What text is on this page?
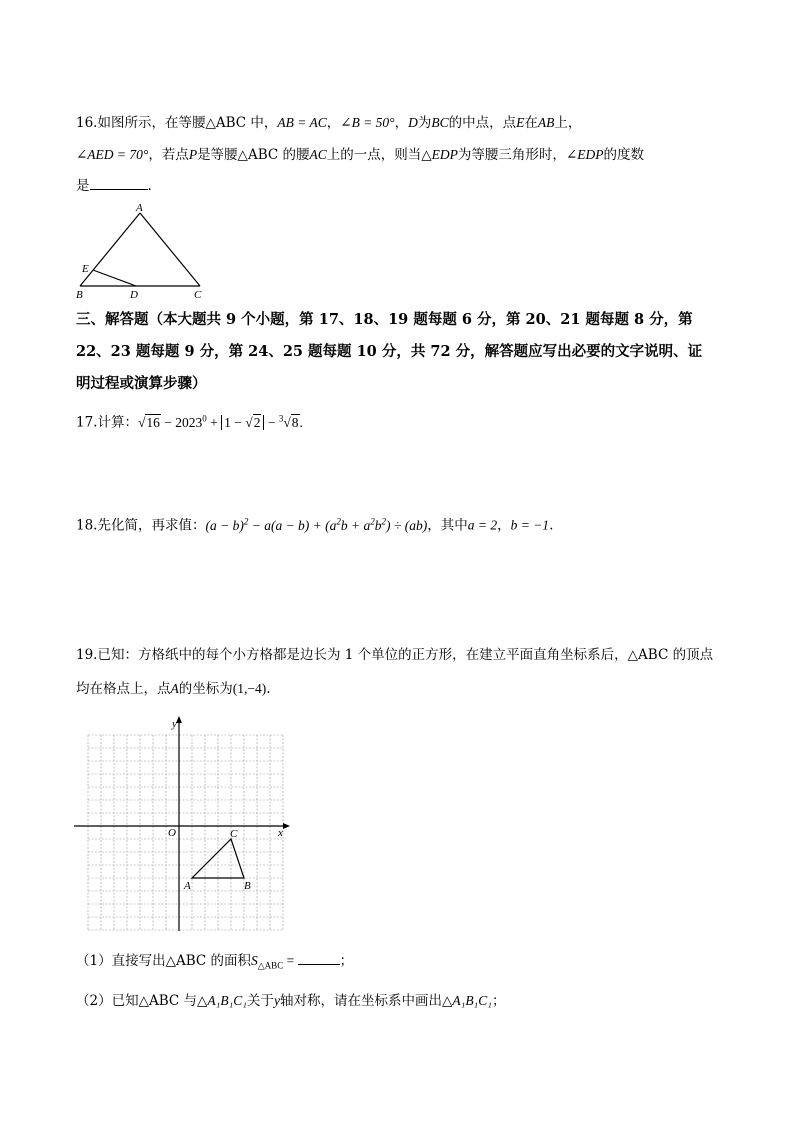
16.如图所示，在等腰△ABC 中，AB = AC，∠B = 50°，D为BC的中点，点E在AB上，
∠AED = 70°，若点P是等腰△ABC 的腰AC上的一点，则当△EDP为等腰三角形时，∠EDP的度数
是	.
A
B	C
D
E
三、解答题（本大题共 9 个小题，第 17、18、19 题每题 6 分，第 20、21 题每题 8 分，第
22、23 题每题 9 分，第 24、25 题每题 10 分，共 72 分，解答题应写出必要的文字说明、证
明过程或演算步骤）
17.计算：$√16 - 2023^0 + 1 - √2 - ^3√8$.
18.先化简，再求值：$(a - b)^2 - a(a - b) + (a^2b + a^2b^2) \div (ab)$，其中a = 2，b = −1.
19.已知：方格纸中的每个小方格都是边长为 1 个单位的正方形，在建立平面直角坐标系后，△ABC 的顶点
均在格点上，点A的坐标为(1,−4).
y
x
O
A	B
C
（1）直接写出△ABC 的面积$S_{\triangle ABC}$ =	；
（2）已知△ABC 与△A₁B₁C₁关于y轴对称，请在坐标系中画出△A₁B₁C₁；
